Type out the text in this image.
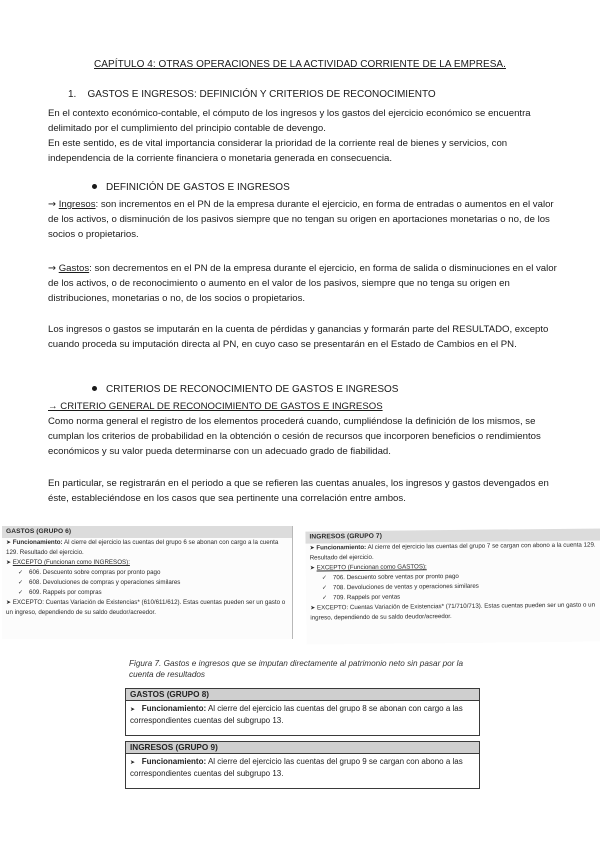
CAPÍTULO 4: OTRAS OPERACIONES DE LA ACTIVIDAD CORRIENTE DE LA EMPRESA.
1. GASTOS E INGRESOS: DEFINICIÓN Y CRITERIOS DE RECONOCIMIENTO

En el contexto económico-contable, el cómputo de los ingresos y los gastos del ejercicio económico se encuentra delimitado por el cumplimiento del principio contable de devengo.

En este sentido, es de vital importancia considerar la prioridad de la corriente real de bienes y servicios, con independencia de la corriente financiera o monetaria generada en consecuencia.

DEFINICIÓN DE GASTOS E INGRESOS

→ Ingresos: son incrementos en el PN de la empresa durante el ejercicio, en forma de entradas o aumentos en el valor de los activos, o disminución de los pasivos siempre que no tengan su origen en aportaciones monetarias o no, de los socios o propietarios.

→ Gastos: son decrementos en el PN de la empresa durante el ejercicio, en forma de salida o disminuciones en el valor de los activos, o de reconocimiento o aumento en el valor de los pasivos, siempre que no tenga su origen en distribuciones, monetarias o no, de los socios o propietarios.

Los ingresos o gastos se imputarán en la cuenta de pérdidas y ganancias y formarán parte del RESULTADO, excepto cuando proceda su imputación directa al PN, en cuyo caso se presentarán en el Estado de Cambios en el PN.

CRITERIOS DE RECONOCIMIENTO DE GASTOS E INGRESOS
→ CRITERIO GENERAL DE RECONOCIMIENTO DE GASTOS E INGRESOS

Como norma general el registro de los elementos procederá cuando, cumpliéndose la definición de los mismos, se cumplan los criterios de probabilidad en la obtención o cesión de recursos que incorporen beneficios o rendimientos económicos y su valor pueda determinarse con un adecuado grado de fiabilidad.

En particular, se registrarán en el periodo a que se refieren las cuentas anuales, los ingresos y gastos devengados en éste, estableciéndose en los casos que sea pertinente una correlación entre ambos.

GASTOS (GRUPO 6)
➤ Funcionamiento: Al cierre del ejercicio las cuentas del grupo 6 se abonan con cargo a la cuenta 129. Resultado del ejercicio.
➤ EXCEPTO (Funcionan como INGRESOS):
✓ 606. Descuento sobre compras por pronto pago
✓ 608. Devoluciones de compras y operaciones similares
✓ 609. Rappels por compras
➤ EXCEPTO: Cuentas Variación de Existencias* (610/611/612). Estas cuentas pueden ser un gasto o un ingreso, dependiendo de su saldo deudor/acreedor.
INGRESOS (GRUPO 7)
➤ Funcionamiento: Al cierre del ejercicio las cuentas del grupo 7 se cargan con abono a la cuenta 129. Resultado del ejercicio.
➤ EXCEPTO (Funcionan como GASTOS):
✓ 706. Descuento sobre ventas por pronto pago
✓ 708. Devoluciones de ventas y operaciones similares
✓ 709. Rappels por ventas
➤ EXCEPTO: Cuentas Variación de Existencias* (71/710/713). Estas cuentas pueden ser un gasto o un ingreso, dependiendo de su saldo deudor/acreedor.
Figura 7. Gastos e ingresos que se imputan directamente al patrimonio neto sin pasar por la cuenta de resultados
GASTOS (GRUPO 8)
➤ Funcionamiento: Al cierre del ejercicio las cuentas del grupo 8 se abonan con cargo a las correspondientes cuentas del subgrupo 13.
INGRESOS (GRUPO 9)
➤ Funcionamiento: Al cierre del ejercicio las cuentas del grupo 9 se cargan con abono a las correspondientes cuentas del subgrupo 13.
